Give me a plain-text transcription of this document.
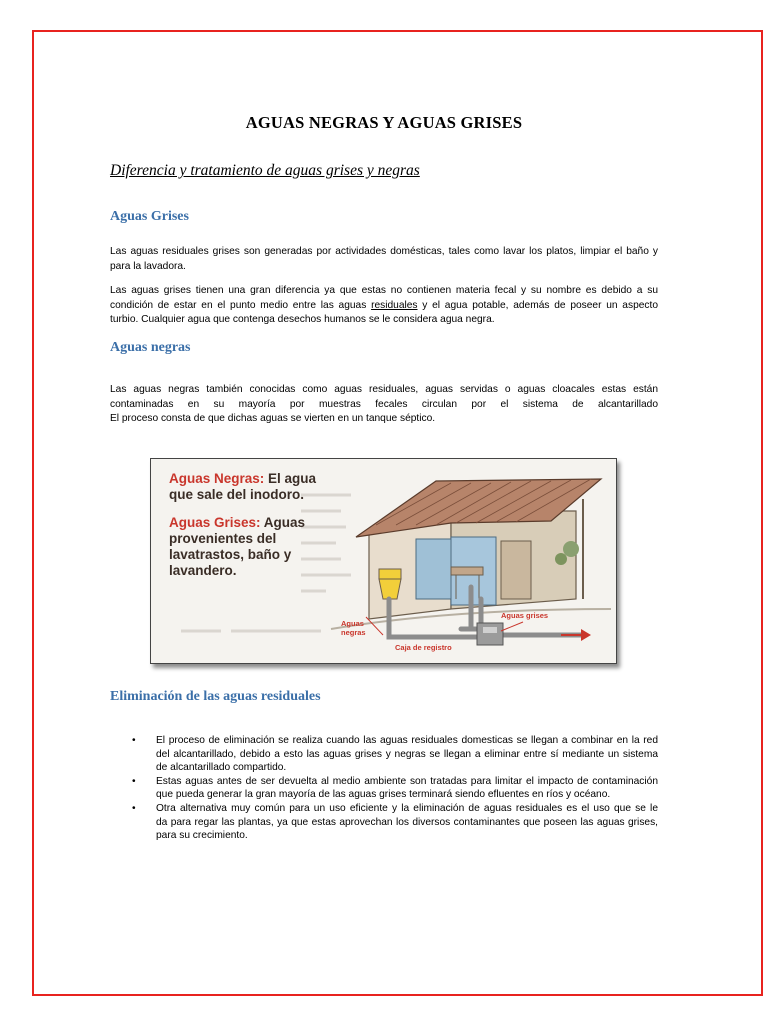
AGUAS NEGRAS Y AGUAS GRISES
Diferencia y tratamiento de aguas grises y negras
Aguas Grises
Las aguas residuales grises son generadas por actividades domésticas, tales como lavar los platos, limpiar el baño y
para la lavadora.
Las aguas grises tienen una gran diferencia ya que estas no contienen materia fecal y su nombre es debido a su
condición de estar en el punto medio entre las aguas residuales y el agua potable, además de poseer un aspecto
turbio. Cualquier agua que contenga desechos humanos se le considera agua negra.
Aguas negras
Las aguas negras también conocidas como aguas residuales, aguas servidas o aguas cloacales estas están
contaminadas en su mayoría por muestras fecales circulan por el sistema de alcantarillado
El proceso consta de que dichas aguas se vierten en un tanque séptico.
Aguas Negras: El agua
que sale del inodoro.
Aguas Grises: Aguas
provenientes del
lavatrastos, baño y
lavandero.
Aguas
negras
Aguas grises
Caja de registro
Eliminación de las aguas residuales
• El proceso de eliminación se realiza cuando las aguas residuales domesticas se llegan a combinar en la red
del alcantarillado, debido a esto las aguas grises y negras se llegan a eliminar entre sí mediante un sistema
de alcantarillado compartido.
• Estas aguas antes de ser devuelta al medio ambiente son tratadas para limitar el impacto de contaminación
que pueda generar la gran mayoría de las aguas grises terminará siendo efluentes en ríos y océano.
• Otra alternativa muy común para un uso eficiente y la eliminación de aguas residuales es el uso que se le
da para regar las plantas, ya que estas aprovechan los diversos contaminantes que poseen las aguas grises,
para su crecimiento.
